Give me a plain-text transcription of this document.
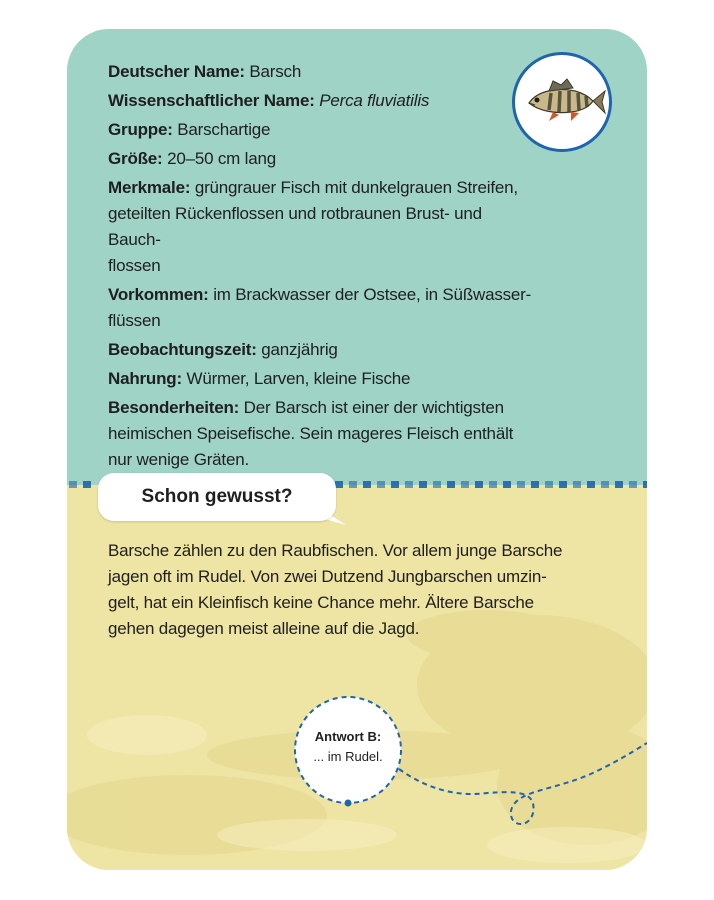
Deutscher Name: Barsch
Wissenschaftlicher Name: Perca fluviatilis
Gruppe: Barschartige
Größe: 20–50 cm lang
Merkmale: grüngrauer Fisch mit dunkelgrauen Streifen,
geteilten Rückenflossen und rotbraunen Brust- und Bauch-
flossen
Vorkommen: im Brackwasser der Ostsee, in Süßwasser-
flüssen
Beobachtungszeit: ganzjährig
Nahrung: Würmer, Larven, kleine Fische
Besonderheiten: Der Barsch ist einer der wichtigsten
heimischen Speisefische. Sein mageres Fleisch enthält
nur wenige Gräten.
Schon gewusst?
Barsche zählen zu den Raubfischen. Vor allem junge Barsche
jagen oft im Rudel. Von zwei Dutzend Jungbarschen umzin-
gelt, hat ein Kleinfisch keine Chance mehr. Ältere Barsche
gehen dagegen meist alleine auf die Jagd.
Antwort B:
... im Rudel.
